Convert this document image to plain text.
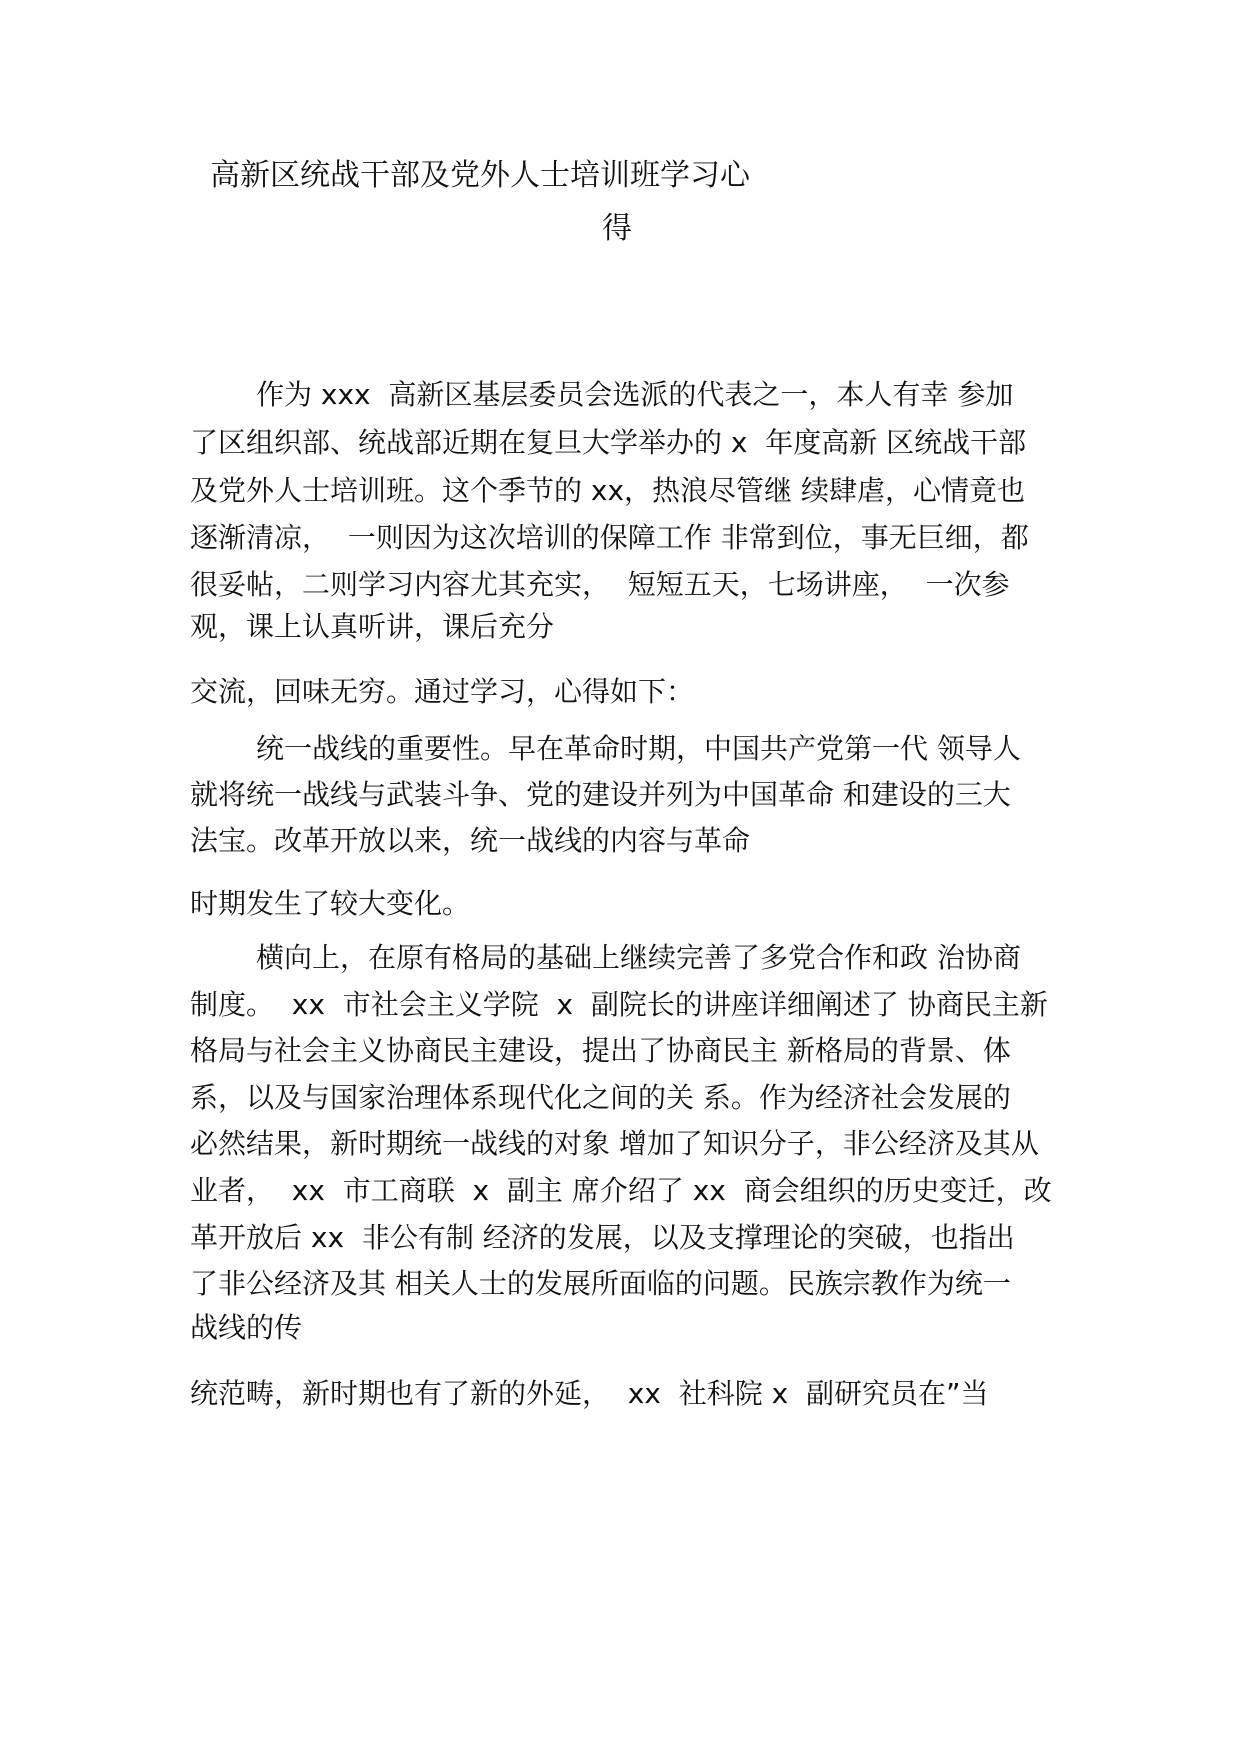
高新区统战干部及党外人士培训班学习心
得

作为 xxx  高新区基层委员会选派的代表之一，本人有幸 参加

了区组织部、统战部近期在复旦大学举办的 x  年度高新 区统战干部

及党外人士培训班。这个季节的 xx，热浪尽管继 续肆虐，心情竟也

逐渐清凉，  一则因为这次培训的保障工作 非常到位，事无巨细，都

很妥帖，二则学习内容尤其充实，  短短五天，七场讲座，  一次参

观，课上认真听讲，课后充分

交流，回味无穷。通过学习，心得如下：

统一战线的重要性。早在革命时期，中国共产党第一代 领导人

就将统一战线与武装斗争、党的建设并列为中国革命 和建设的三大

法宝。改革开放以来，统一战线的内容与革命

时期发生了较大变化。

横向上，在原有格局的基础上继续完善了多党合作和政 治协商

制度。  xx  市社会主义学院  x  副院长的讲座详细阐述了 协商民主新

格局与社会主义协商民主建设，提出了协商民主 新格局的背景、体

系，以及与国家治理体系现代化之间的关 系。作为经济社会发展的

必然结果，新时期统一战线的对象 增加了知识分子，非公经济及其从

业者，  xx  市工商联  x  副主 席介绍了 xx  商会组织的历史变迁，改

革开放后 xx  非公有制 经济的发展，以及支撑理论的突破，也指出

了非公经济及其 相关人士的发展所面临的问题。民族宗教作为统一

战线的传

统范畴，新时期也有了新的外延，  xx  社科院 x  副研究员在”当
